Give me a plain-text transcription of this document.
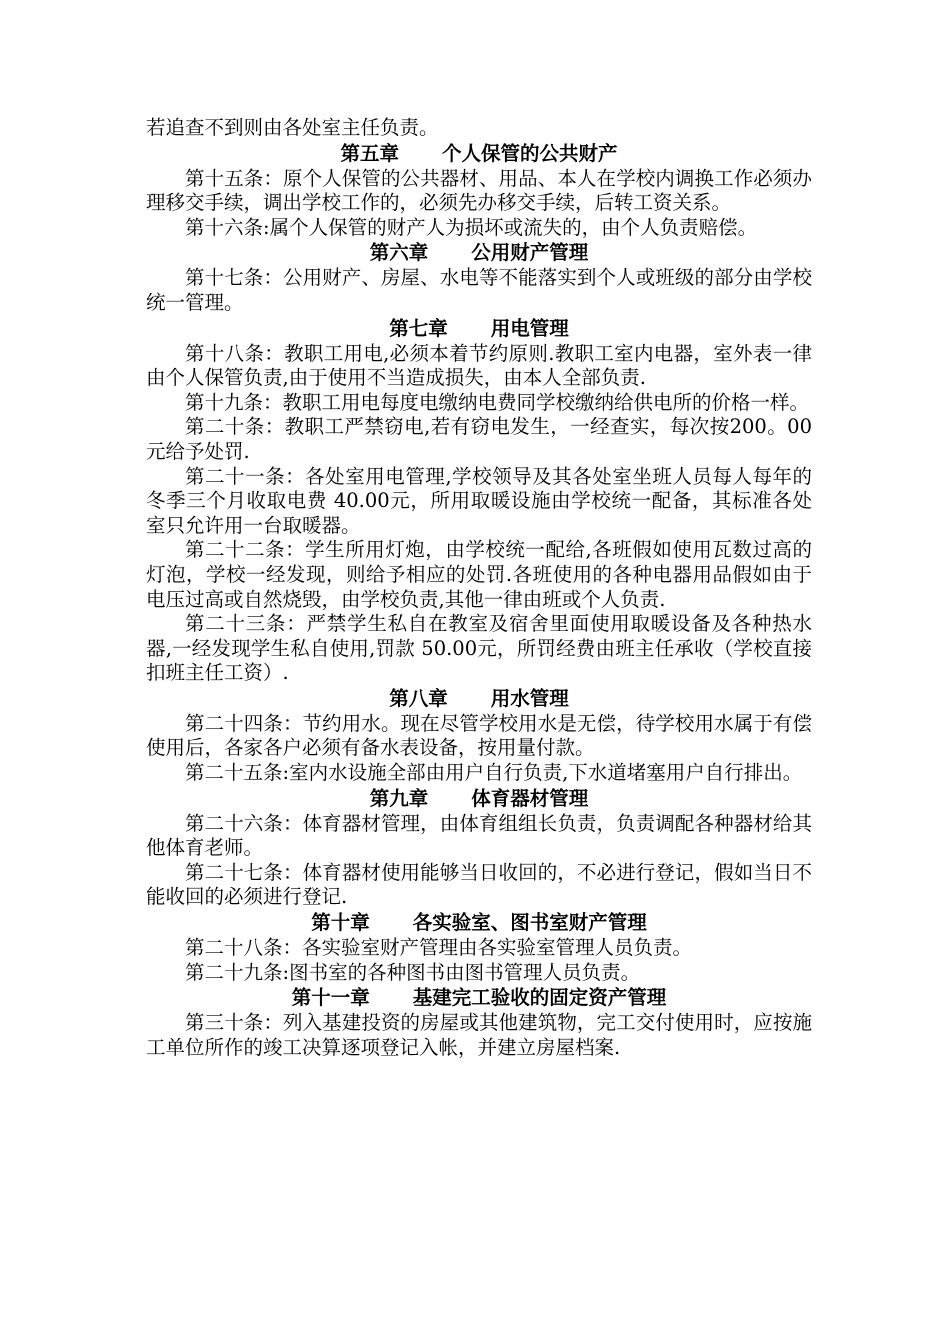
若追查不到则由各处室主任负责。

第五章 个人保管的公共财产

第十五条：原个人保管的公共器材、用品、本人在学校内调换工作必须办理移交手续，调出学校工作的，必须先办移交手续，后转工资关系。

第十六条:属个人保管的财产人为损坏或流失的，由个人负责赔偿。

第六章 公用财产管理

第十七条：公用财产、房屋、水电等不能落实到个人或班级的部分由学校统一管理。

第七章 用电管理

第十八条：教职工用电,必须本着节约原则.教职工室内电器，室外表一律由个人保管负责,由于使用不当造成损失，由本人全部负责.

第十九条：教职工用电每度电缴纳电费同学校缴纳给供电所的价格一样。

第二十条：教职工严禁窃电,若有窃电发生，一经查实，每次按200。00元给予处罚.

第二十一条：各处室用电管理,学校领导及其各处室坐班人员每人每年的冬季三个月收取电费 40.00元，所用取暖设施由学校统一配备，其标准各处室只允许用一台取暖器。

第二十二条：学生所用灯炮，由学校统一配给,各班假如使用瓦数过高的灯泡，学校一经发现，则给予相应的处罚.各班使用的各种电器用品假如由于电压过高或自然烧毁，由学校负责,其他一律由班或个人负责.

第二十三条：严禁学生私自在教室及宿舍里面使用取暖设备及各种热水器,一经发现学生私自使用,罚款 50.00元，所罚经费由班主任承收（学校直接扣班主任工资）.

第八章 用水管理

第二十四条：节约用水。现在尽管学校用水是无偿，待学校用水属于有偿使用后，各家各户必须有备水表设备，按用量付款。

第二十五条:室内水设施全部由用户自行负责,下水道堵塞用户自行排出。

第九章 体育器材管理

第二十六条：体育器材管理，由体育组组长负责，负责调配各种器材给其他体育老师。

第二十七条：体育器材使用能够当日收回的，不必进行登记，假如当日不能收回的必须进行登记.

第十章 各实验室、图书室财产管理

第二十八条：各实验室财产管理由各实验室管理人员负责。

第二十九条:图书室的各种图书由图书管理人员负责。

第十一章 基建完工验收的固定资产管理

第三十条：列入基建投资的房屋或其他建筑物，完工交付使用时，应按施工单位所作的竣工决算逐项登记入帐，并建立房屋档案.
